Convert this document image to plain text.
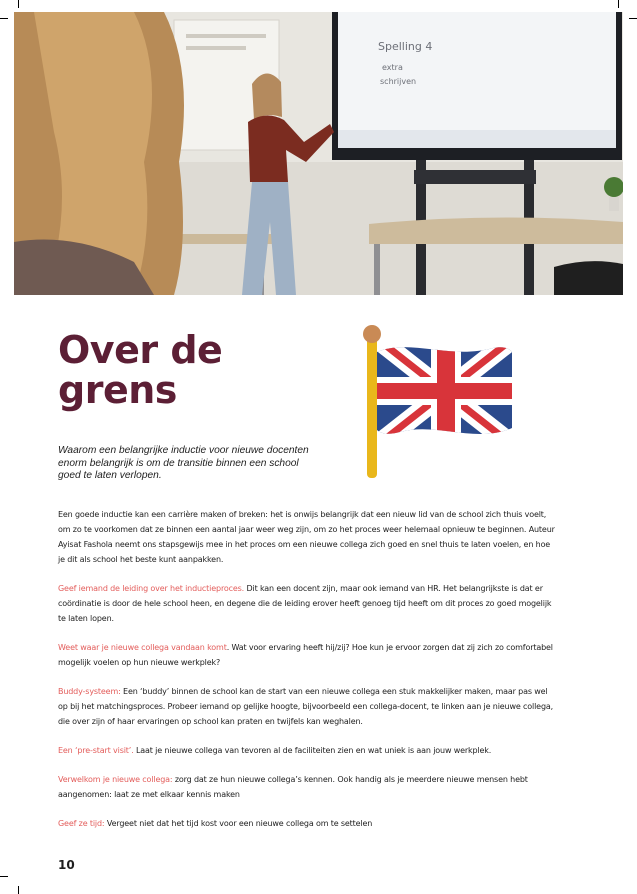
Spelling 4
extra
schrijven
Over de
grens

Waarom een belangrijke inductie voor nieuwe docenten enorm belangrijk is om de transitie binnen een school goed te laten verlopen.

Een goede inductie kan een carrière maken of breken: het is onwijs belangrijk dat een nieuw lid van de school zich thuis voelt, om zo te voorkomen dat ze binnen een aantal jaar weer weg zijn, om zo het proces weer helemaal opnieuw te beginnen. Auteur Ayisat Fashola neemt ons stapsgewijs mee in het proces om een nieuwe collega zich goed en snel thuis te laten voelen, en hoe je dit als school het beste kunt aanpakken.

Geef iemand de leiding over het inductieproces. Dit kan een docent zijn, maar ook iemand van HR. Het belangrijkste is dat er coördinatie is door de hele school heen, en degene die de leiding erover heeft genoeg tijd heeft om dit proces zo goed mogelijk te laten lopen.

Weet waar je nieuwe collega vandaan komt. Wat voor ervaring heeft hij/zij? Hoe kun je ervoor zorgen dat zij zich zo comfortabel mogelijk voelen op hun nieuwe werkplek?

Buddy-systeem: Een ‘buddy’ binnen de school kan de start van een nieuwe collega een stuk makkelijker maken, maar pas wel op bij het matchingsproces. Probeer iemand op gelijke hoogte, bijvoorbeeld een collega-docent, te linken aan je nieuwe collega, die over zijn of haar ervaringen op school kan praten en twijfels kan weghalen.

Een ‘pre-start visit’. Laat je nieuwe collega van tevoren al de faciliteiten zien en wat uniek is aan jouw werkplek.

Verwelkom je nieuwe collega: zorg dat ze hun nieuwe collega’s kennen. Ook handig als je meerdere nieuwe mensen hebt aangenomen: laat ze met elkaar kennis maken

Geef ze tijd: Vergeet niet dat het tijd kost voor een nieuwe collega om te settelen

10
